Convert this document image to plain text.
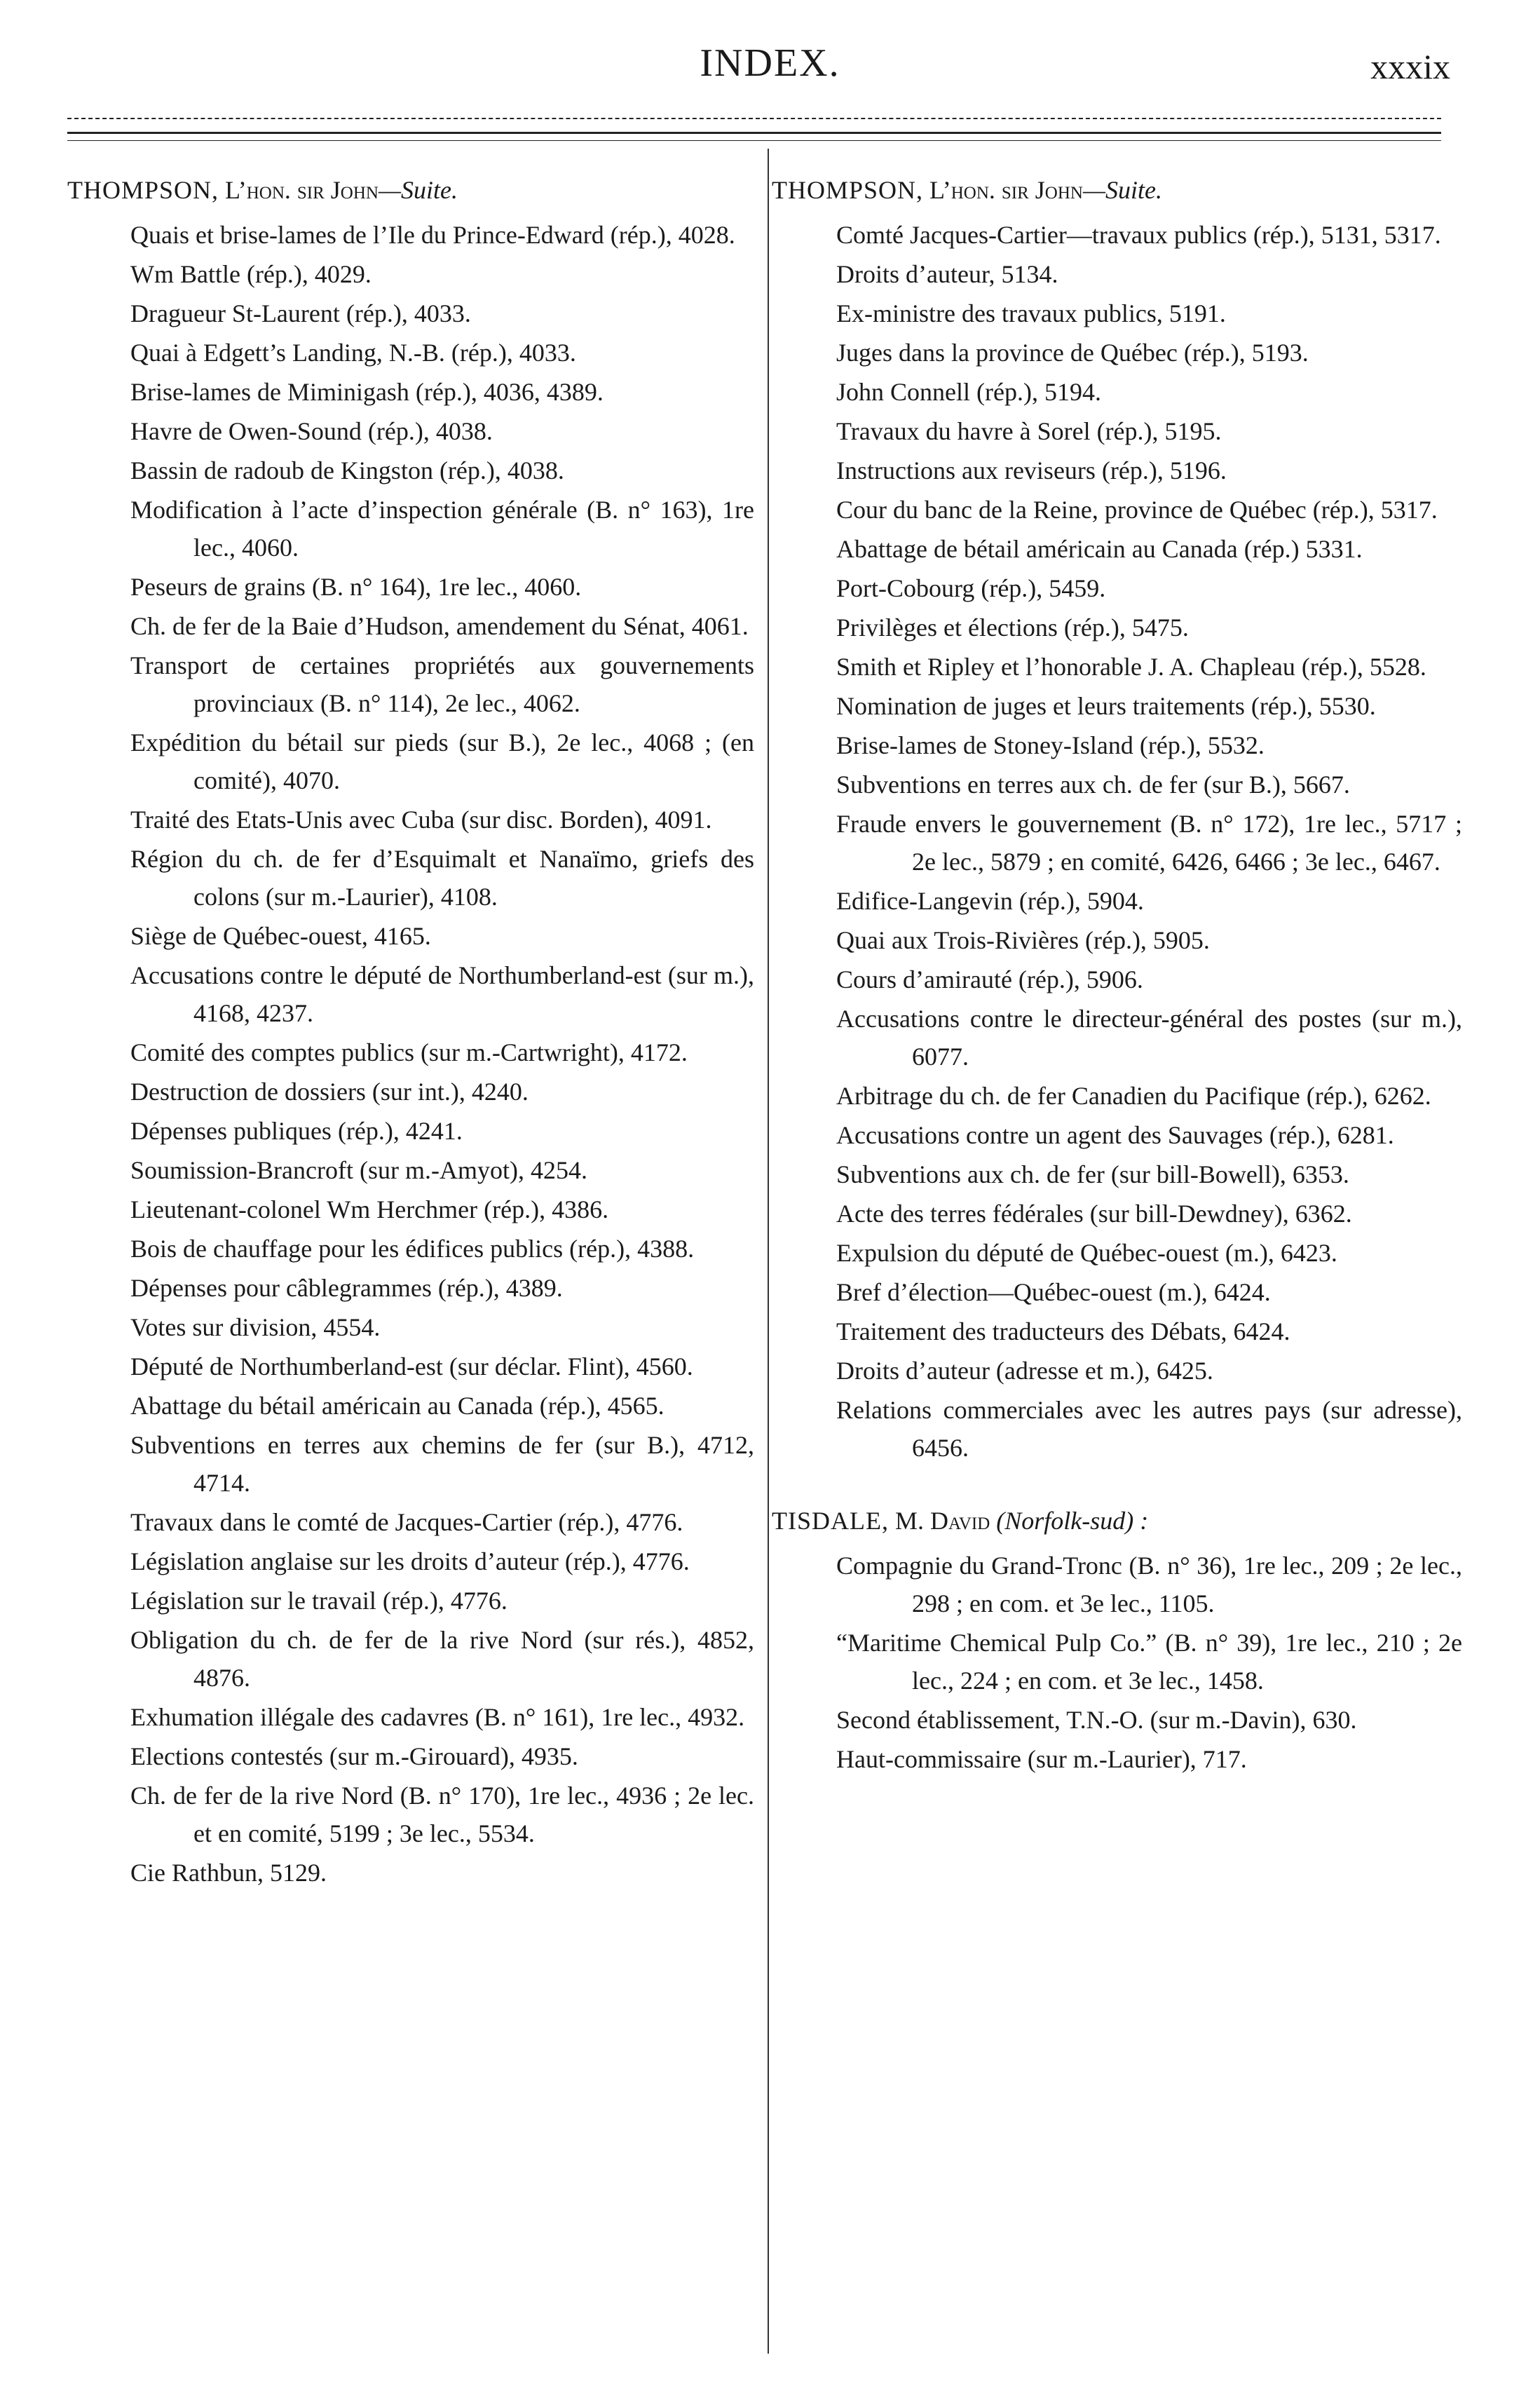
INDEX.	xxxix
THOMPSON, L’hon. sir John—Suite.

Quais et brise-lames de l’Ile du Prince-Edward (rép.), 4028.

Wm Battle (rép.), 4029.

Dragueur St-Laurent (rép.), 4033.

Quai à Edgett’s Landing, N.-B. (rép.), 4033.

Brise-lames de Miminigash (rép.), 4036, 4389.

Havre de Owen-Sound (rép.), 4038.

Bassin de radoub de Kingston (rép.), 4038.

Modification à l’acte d’inspection générale (B. n° 163), 1re lec., 4060.

Peseurs de grains (B. n° 164), 1re lec., 4060.

Ch. de fer de la Baie d’Hudson, amendement du Sénat, 4061.

Transport de certaines propriétés aux gouvernements provinciaux (B. n° 114), 2e lec., 4062.

Expédition du bétail sur pieds (sur B.), 2e lec., 4068 ; (en comité), 4070.

Traité des Etats-Unis avec Cuba (sur disc. Borden), 4091.

Région du ch. de fer d’Esquimalt et Nanaïmo, griefs des colons (sur m.-Laurier), 4108.

Siège de Québec-ouest, 4165.

Accusations contre le député de Northumberland-est (sur m.), 4168, 4237.

Comité des comptes publics (sur m.-Cartwright), 4172.

Destruction de dossiers (sur int.), 4240.

Dépenses publiques (rép.), 4241.

Soumission-Brancroft (sur m.-Amyot), 4254.

Lieutenant-colonel Wm Herchmer (rép.), 4386.

Bois de chauffage pour les édifices publics (rép.), 4388.

Dépenses pour câblegrammes (rép.), 4389.

Votes sur division, 4554.

Député de Northumberland-est (sur déclar. Flint), 4560.

Abattage du bétail américain au Canada (rép.), 4565.

Subventions en terres aux chemins de fer (sur B.), 4712, 4714.

Travaux dans le comté de Jacques-Cartier (rép.), 4776.

Législation anglaise sur les droits d’auteur (rép.), 4776.

Législation sur le travail (rép.), 4776.

Obligation du ch. de fer de la rive Nord (sur rés.), 4852, 4876.

Exhumation illégale des cadavres (B. n° 161), 1re lec., 4932.

Elections contestés (sur m.-Girouard), 4935.

Ch. de fer de la rive Nord (B. n° 170), 1re lec., 4936 ; 2e lec. et en comité, 5199 ; 3e lec., 5534.

Cie Rathbun, 5129.

THOMPSON, L’hon. sir John—Suite.

Comté Jacques-Cartier—travaux publics (rép.), 5131, 5317.

Droits d’auteur, 5134.

Ex-ministre des travaux publics, 5191.

Juges dans la province de Québec (rép.), 5193.

John Connell (rép.), 5194.

Travaux du havre à Sorel (rép.), 5195.

Instructions aux reviseurs (rép.), 5196.

Cour du banc de la Reine, province de Québec (rép.), 5317.

Abattage de bétail américain au Canada (rép.) 5331.

Port-Cobourg (rép.), 5459.

Privilèges et élections (rép.), 5475.

Smith et Ripley et l’honorable J. A. Chapleau (rép.), 5528.

Nomination de juges et leurs traitements (rép.), 5530.

Brise-lames de Stoney-Island (rép.), 5532.

Subventions en terres aux ch. de fer (sur B.), 5667.

Fraude envers le gouvernement (B. n° 172), 1re lec., 5717 ; 2e lec., 5879 ; en comité, 6426, 6466 ; 3e lec., 6467.

Edifice-Langevin (rép.), 5904.

Quai aux Trois-Rivières (rép.), 5905.

Cours d’amirauté (rép.), 5906.

Accusations contre le directeur-général des postes (sur m.), 6077.

Arbitrage du ch. de fer Canadien du Pacifique (rép.), 6262.

Accusations contre un agent des Sauvages (rép.), 6281.

Subventions aux ch. de fer (sur bill-Bowell), 6353.

Acte des terres fédérales (sur bill-Dewdney), 6362.

Expulsion du député de Québec-ouest (m.), 6423.

Bref d’élection—Québec-ouest (m.), 6424.

Traitement des traducteurs des Débats, 6424.

Droits d’auteur (adresse et m.), 6425.

Relations commerciales avec les autres pays (sur adresse), 6456.

TISDALE, M. David (Norfolk-sud) :

Compagnie du Grand-Tronc (B. n° 36), 1re lec., 209 ; 2e lec., 298 ; en com. et 3e lec., 1105.

“Maritime Chemical Pulp Co.” (B. n° 39), 1re lec., 210 ; 2e lec., 224 ; en com. et 3e lec., 1458.

Second établissement, T.N.-O. (sur m.-Davin), 630.

Haut-commissaire (sur m.-Laurier), 717.
